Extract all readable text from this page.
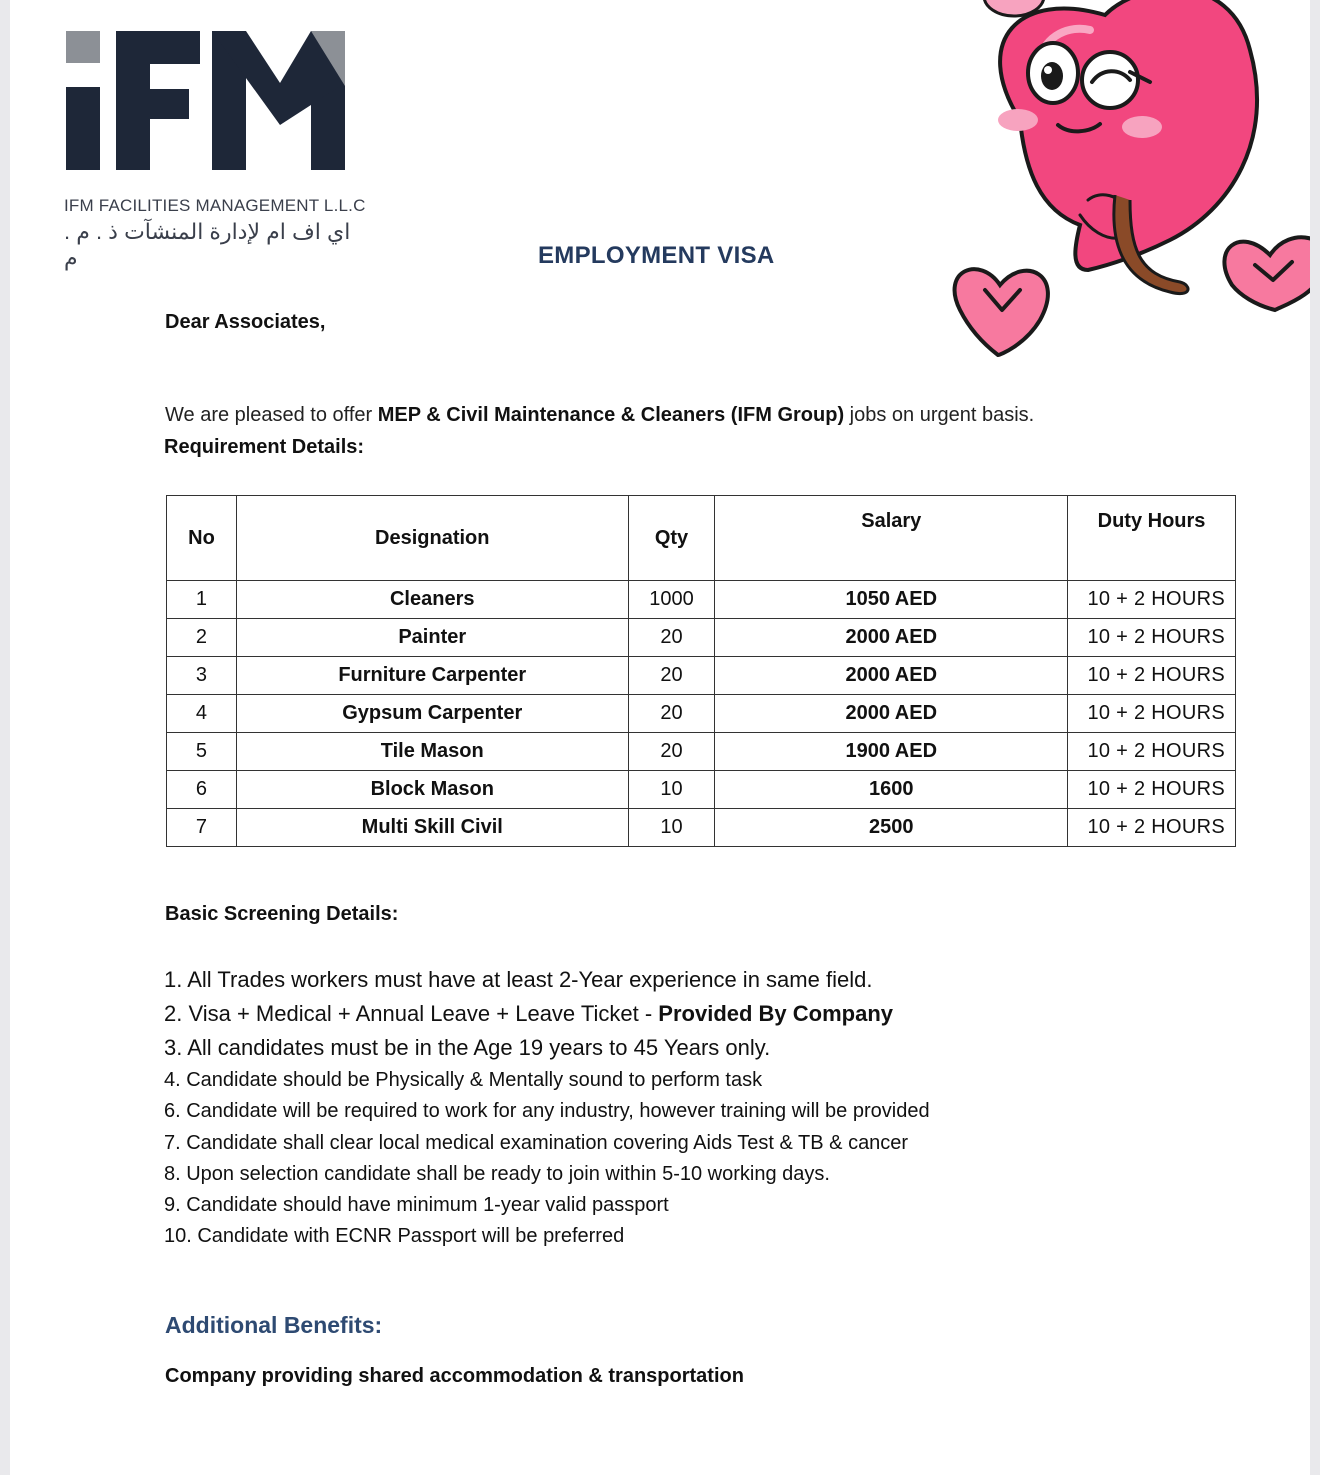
IFM FACILITIES MANAGEMENT L.L.C
اي اف ام لإدارة المنشآت ذ . م . م	EMPLOYMENT VISA
Dear Associates,
We are pleased to offer MEP & Civil Maintenance & Cleaners (IFM Group) jobs on urgent basis.
Requirement Details:
No	Designation	Qty	Salary	Duty Hours
1	Cleaners	1000	1050 AED	10 + 2 HOURS
2	Painter	20	2000 AED	10 + 2 HOURS
3	Furniture Carpenter	20	2000 AED	10 + 2 HOURS
4	Gypsum Carpenter	20	2000 AED	10 + 2 HOURS
5	Tile Mason	20	1900 AED	10 + 2 HOURS
6	Block Mason	10	1600	10 + 2 HOURS
7	Multi Skill Civil	10	2500	10 + 2 HOURS
Basic Screening Details:
1. All Trades workers must have at least 2-Year experience in same field.
2. Visa + Medical + Annual Leave + Leave Ticket - Provided By Company
3. All candidates must be in the Age 19 years to 45 Years only.
4. Candidate should be Physically & Mentally sound to perform task
6. Candidate will be required to work for any industry, however training will be provided
7. Candidate shall clear local medical examination covering Aids Test & TB & cancer
8. Upon selection candidate shall be ready to join within 5-10 working days.
9. Candidate should have minimum 1-year valid passport
10. Candidate with ECNR Passport will be preferred
Additional Benefits:
Company providing shared accommodation & transportation
